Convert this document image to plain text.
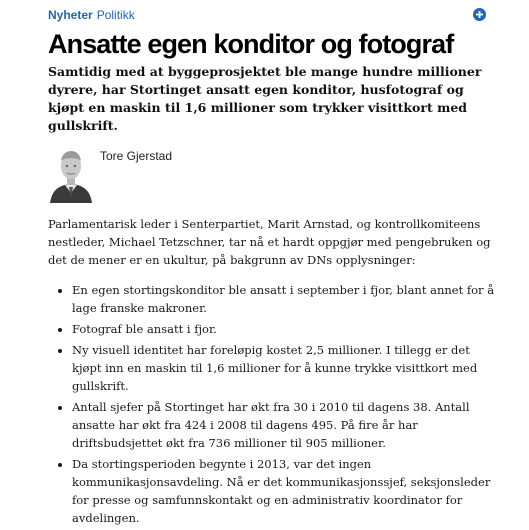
Nyheter Politikk
Ansatte egen konditor og fotograf

Samtidig med at byggeprosjektet ble mange hundre millioner dyrere, har Stortinget ansatt egen konditor, husfotograf og kjøpt en maskin til 1,6 millioner som trykker visittkort med gullskrift.

Tore Gjerstad

Parlamentarisk leder i Senterpartiet, Marit Arnstad, og kontrollkomiteens nestleder, Michael Tetzschner, tar nå et hardt oppgjør med pengebruken og det de mener er en ukultur, på bakgrunn av DNs opplysninger:

• En egen stortingskonditor ble ansatt i september i fjor, blant annet for å lage franske makroner.
• Fotograf ble ansatt i fjor.
• Ny visuell identitet har foreløpig kostet 2,5 millioner. I tillegg er det kjøpt inn en maskin til 1,6 millioner for å kunne trykke visittkort med gullskrift.
• Antall sjefer på Stortinget har økt fra 30 i 2010 til dagens 38. Antall ansatte har økt fra 424 i 2008 til dagens 495. På fire år har driftsbudsjettet økt fra 736 millioner til 905 millioner.
• Da stortingsperioden begynte i 2013, var det ingen kommunikasjonsavdeling. Nå er det kommunikasjonssjef, seksjonsleder for presse og samfunnskontakt og en administrativ koordinator for avdelingen.
